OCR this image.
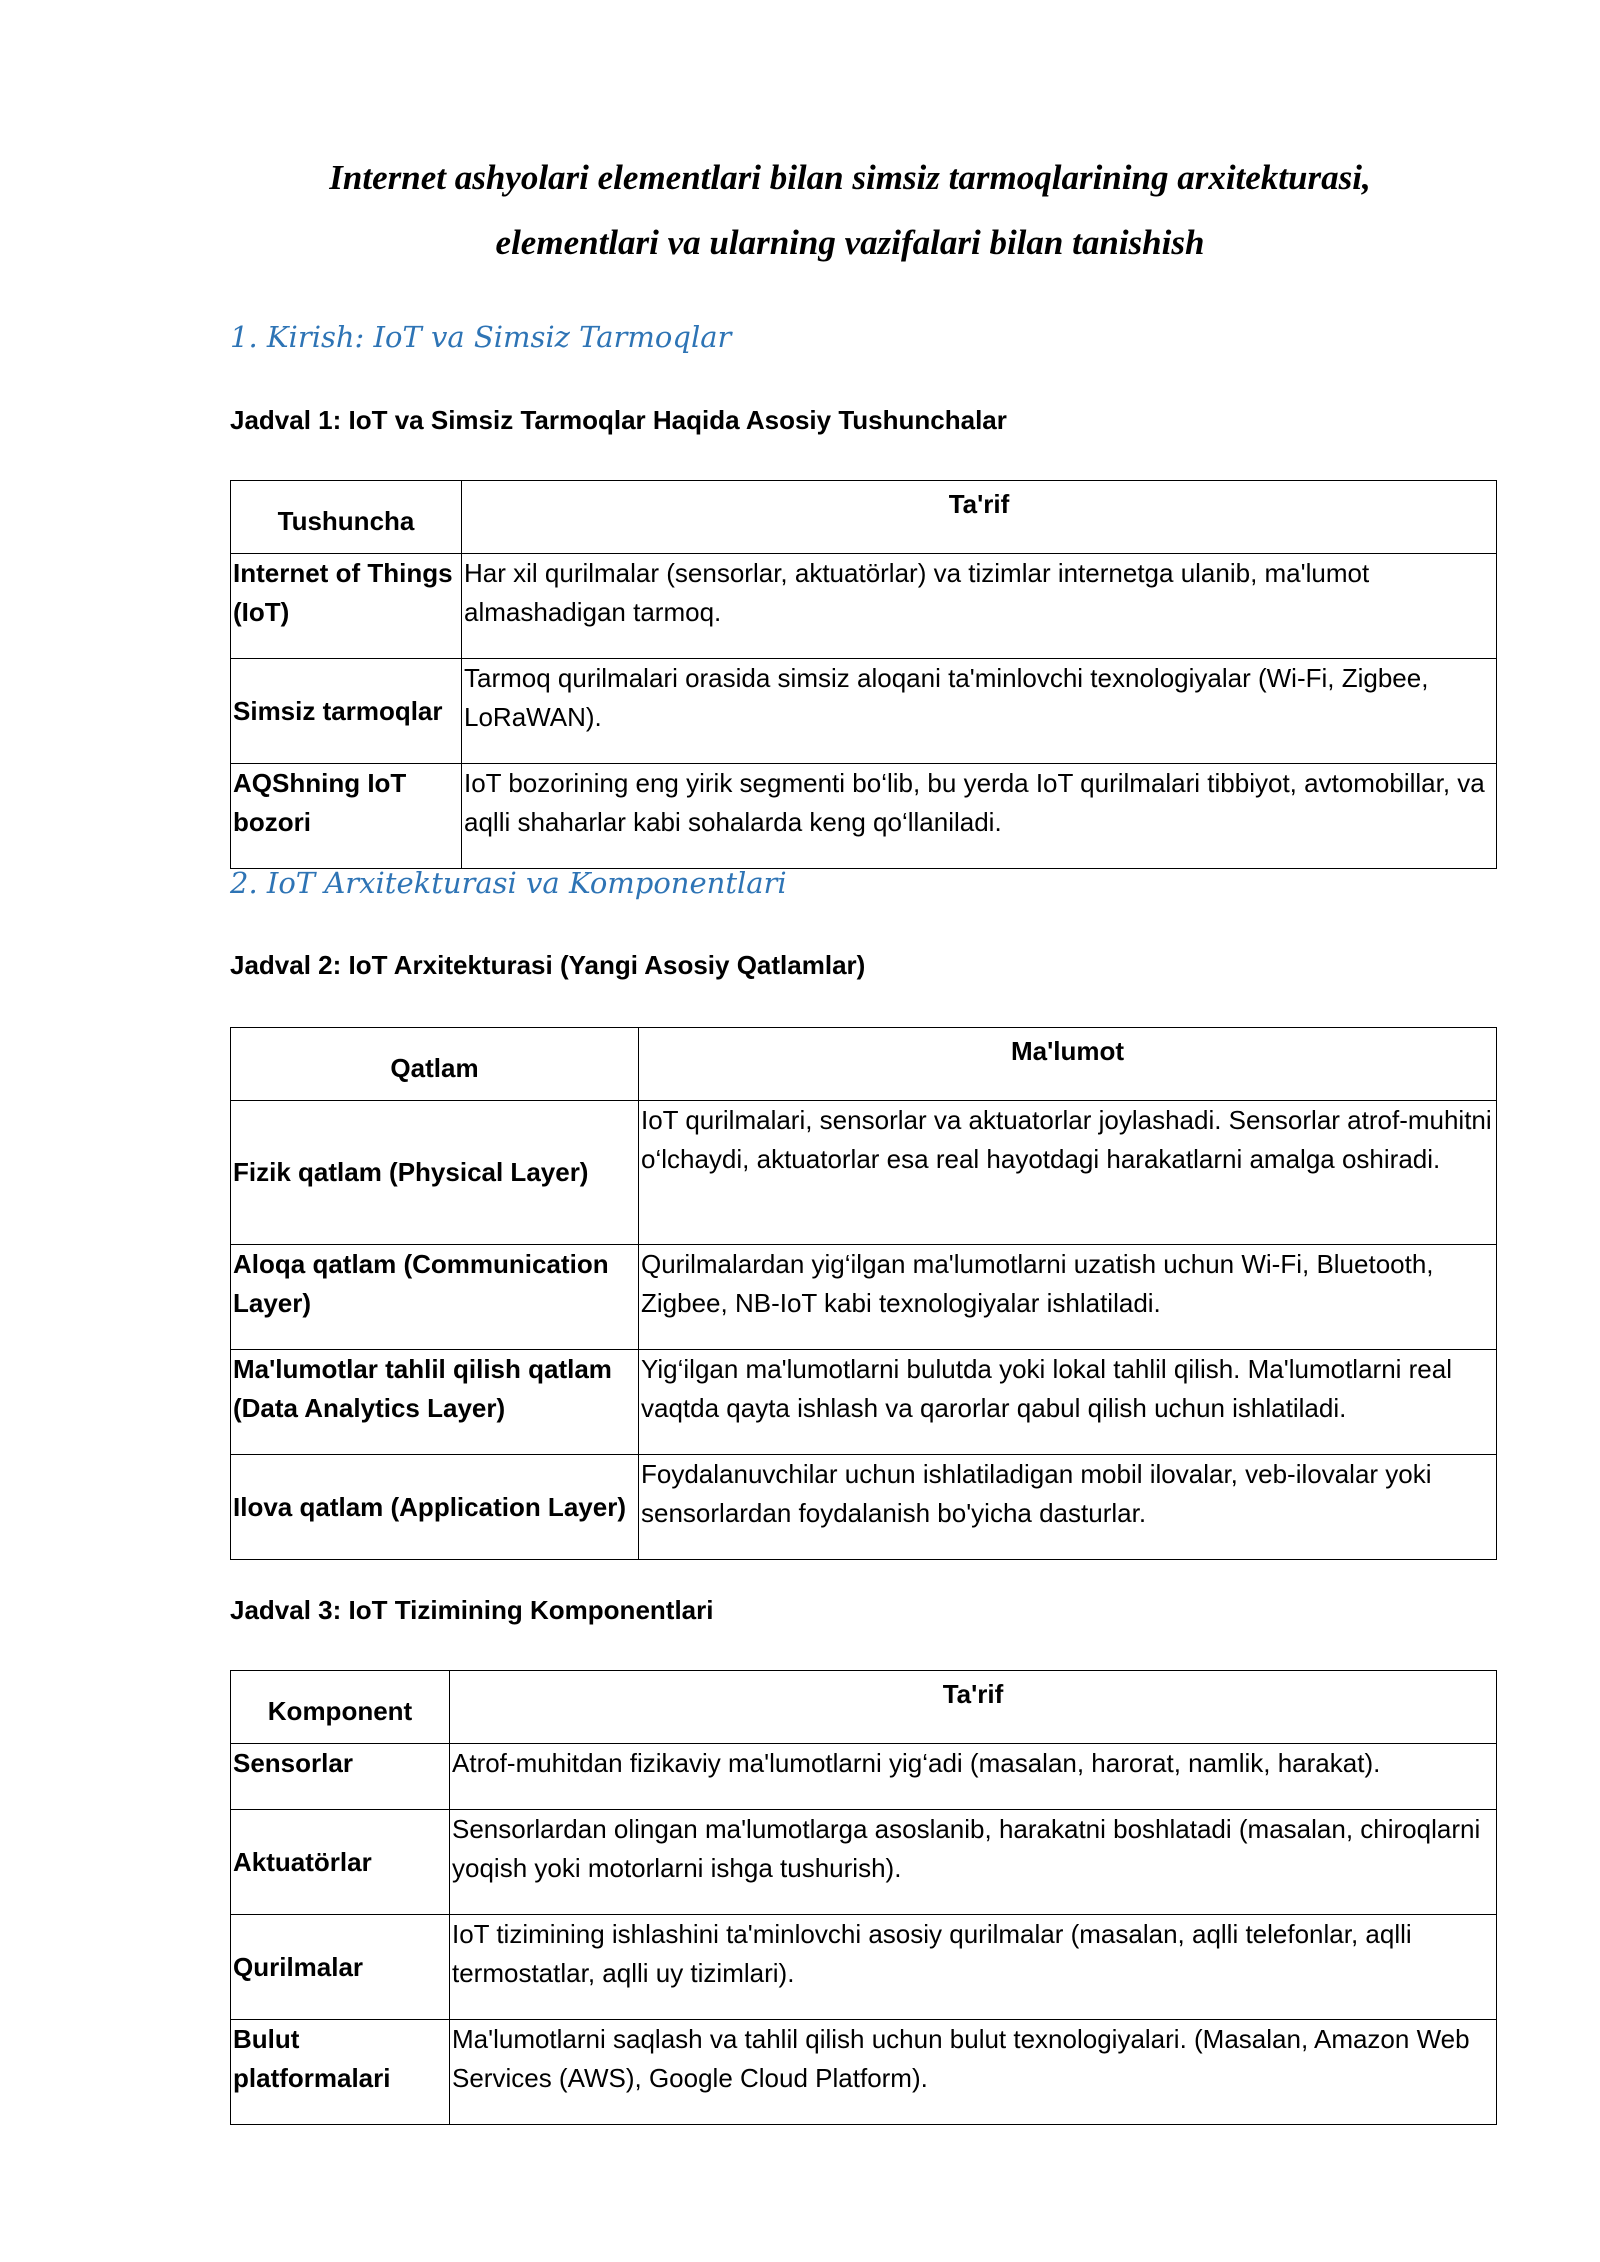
Internet ashyolari elementlari bilan simsiz tarmoqlarining arxitekturasi,
elementlari va ularning vazifalari bilan tanishish
1. Kirish: IoT va Simsiz Tarmoqlar

Jadval 1: IoT va Simsiz Tarmoqlar Haqida Asosiy Tushunchalar

Tushuncha	Ta'rif
Internet of Things (IoT)	Har xil qurilmalar (sensorlar, aktuatörlar) va tizimlar internetga ulanib, ma'lumot almashadigan tarmoq.
Simsiz tarmoqlar	Tarmoq qurilmalari orasida simsiz aloqani ta'minlovchi texnologiyalar (Wi-Fi, Zigbee, LoRaWAN).
AQShning IoT bozori	IoT bozorining eng yirik segmenti bo‘lib, bu yerda IoT qurilmalari tibbiyot, avtomobillar, va aqlli shaharlar kabi sohalarda keng qo‘llaniladi.
2. IoT Arxitekturasi va Komponentlari

Jadval 2: IoT Arxitekturasi (Yangi Asosiy Qatlamlar)

Qatlam	Ma'lumot
Fizik qatlam (Physical Layer)	IoT qurilmalari, sensorlar va aktuatorlar joylashadi. Sensorlar atrof-muhitni o‘lchaydi, aktuatorlar esa real hayotdagi harakatlarni amalga oshiradi.
Aloqa qatlam (Communication Layer)	Qurilmalardan yig‘ilgan ma'lumotlarni uzatish uchun Wi-Fi, Bluetooth, Zigbee, NB-IoT kabi texnologiyalar ishlatiladi.
Ma'lumotlar tahlil qilish qatlam (Data Analytics Layer)	Yig‘ilgan ma'lumotlarni bulutda yoki lokal tahlil qilish. Ma'lumotlarni real vaqtda qayta ishlash va qarorlar qabul qilish uchun ishlatiladi.
Ilova qatlam (Application Layer)	Foydalanuvchilar uchun ishlatiladigan mobil ilovalar, veb-ilovalar yoki sensorlardan foydalanish bo'yicha dasturlar.

Jadval 3: IoT Tizimining Komponentlari

Komponent	Ta'rif
Sensorlar	Atrof-muhitdan fizikaviy ma'lumotlarni yig‘adi (masalan, harorat, namlik, harakat).
Aktuatörlar	Sensorlardan olingan ma'lumotlarga asoslanib, harakatni boshlatadi (masalan, chiroqlarni yoqish yoki motorlarni ishga tushurish).
Qurilmalar	IoT tizimining ishlashini ta'minlovchi asosiy qurilmalar (masalan, aqlli telefonlar, aqlli termostatlar, aqlli uy tizimlari).
Bulut platformalari	Ma'lumotlarni saqlash va tahlil qilish uchun bulut texnologiyalari. (Masalan, Amazon Web Services (AWS), Google Cloud Platform).
